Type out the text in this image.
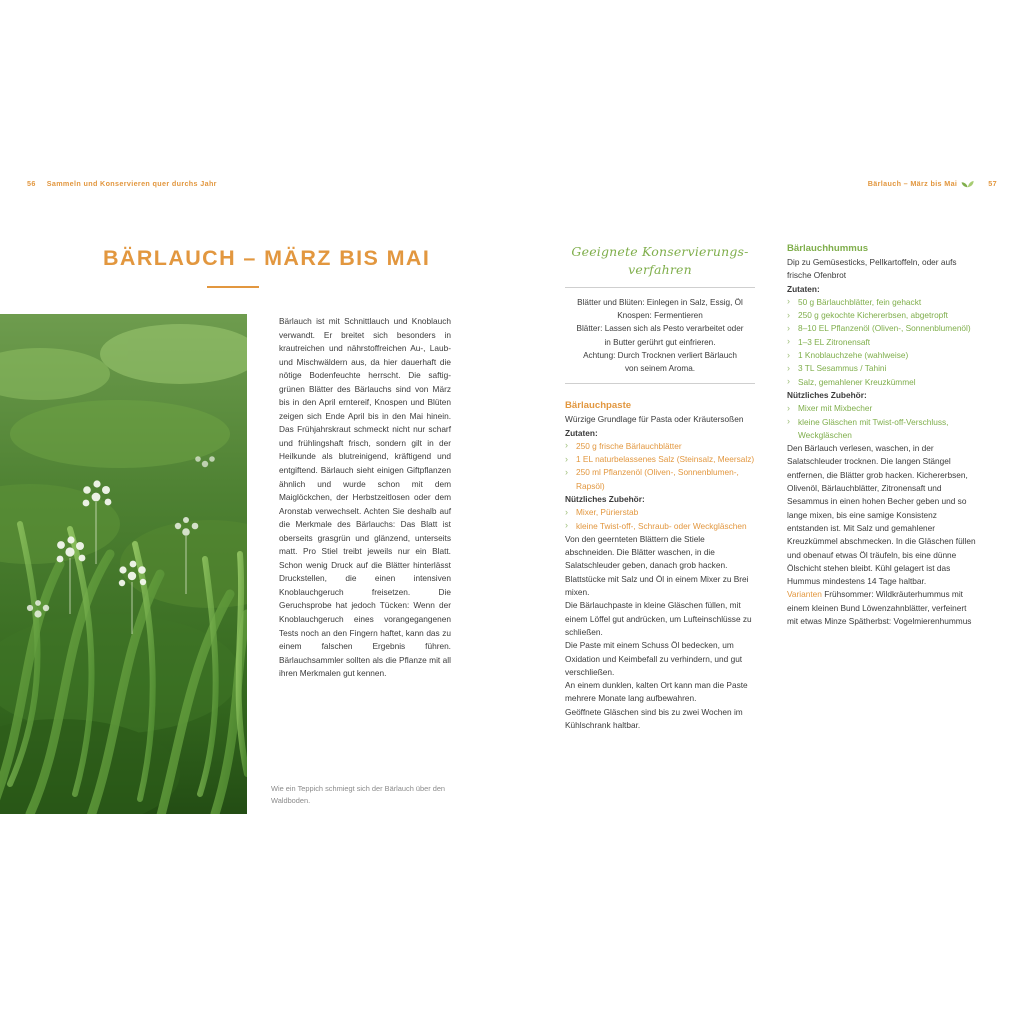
56 Sammeln und Konservieren quer durchs Jahr	Bärlauch – März bis Mai	57
BÄRLAUCH – MÄRZ BIS MAI

Bärlauch ist mit Schnittlauch und Knoblauch verwandt. Er breitet sich besonders in krautreichen und nährstoffreichen Au-, Laub- und Mischwäldern aus, da hier dauerhaft die nötige Bodenfeuchte herrscht. Die saftig-grünen Blätter des Bärlauchs sind von März bis in den April erntereif, Knospen und Blüten zeigen sich Ende April bis in den Mai hinein. Das Frühjahrskraut schmeckt nicht nur scharf und frühlingshaft frisch, sondern gilt in der Heilkunde als blutreinigend, kräftigend und entgiftend. Bärlauch sieht einigen Giftpflanzen ähnlich und wurde schon mit dem Maiglöckchen, der Herbstzeitlosen oder dem Aronstab verwechselt. Achten Sie deshalb auf die Merkmale des Bärlauchs: Das Blatt ist oberseits grasgrün und glänzend, unterseits matt. Pro Stiel treibt jeweils nur ein Blatt. Schon wenig Druck auf die Blätter hinterlässt Druckstellen, die einen intensiven Knoblauchgeruch freisetzen. Die Geruchsprobe hat jedoch Tücken: Wenn der Knoblauchgeruch eines vorangegangenen Tests noch an den Fingern haftet, kann das zu einem falschen Ergebnis führen. Bärlauchsammler sollten als die Pflanze mit all ihren Merkmalen gut kennen.

Wie ein Teppich schmiegt sich der Bärlauch über den Waldboden.
Geeignete Konservierungs-verfahren
Blätter und Blüten: Einlegen in Salz, Essig, Öl
Knospen: Fermentieren
Blätter: Lassen sich als Pesto verarbeitet oder
in Butter gerührt gut einfrieren.
Achtung: Durch Trocknen verliert Bärlauch
von seinem Aroma.
Bärlauchpaste

Würzige Grundlage für Pasta oder Kräutersoßen

Zutaten:

› 250 g frische Bärlauchblätter
› 1 EL naturbelassenes Salz (Steinsalz, Meersalz)
› 250 ml Pflanzenöl (Oliven-, Sonnenblumen-, Rapsöl)

Nützliches Zubehör:

› Mixer, Pürierstab
› kleine Twist-off-, Schraub- oder Weckgläschen

Von den geernteten Blättern die Stiele abschneiden. Die Blätter waschen, in die Salatschleuder geben, danach grob hacken. Blattstücke mit Salz und Öl in einem Mixer zu Brei mixen.

Die Bärlauchpaste in kleine Gläschen füllen, mit einem Löffel gut andrücken, um Lufteinschlüsse zu schließen.

Die Paste mit einem Schuss Öl bedecken, um Oxidation und Keimbefall zu verhindern, und gut verschließen.

An einem dunklen, kalten Ort kann man die Paste mehrere Monate lang aufbewahren.

Geöffnete Gläschen sind bis zu zwei Wochen im Kühlschrank haltbar.

Bärlauchhummus

Dip zu Gemüsesticks, Pellkartoffeln, oder aufs frische Ofenbrot

Zutaten:

› 50 g Bärlauchblätter, fein gehackt
› 250 g gekochte Kichererbsen, abgetropft
› 8–10 EL Pflanzenöl (Oliven-, Sonnenblumenöl)
› 1–3 EL Zitronensaft
› 1 Knoblauchzehe (wahlweise)
› 3 TL Sesammus / Tahini
› Salz, gemahlener Kreuzkümmel

Nützliches Zubehör:

› Mixer mit Mixbecher
› kleine Gläschen mit Twist-off-Verschluss, Weckgläschen

Den Bärlauch verlesen, waschen, in der Salatschleuder trocknen. Die langen Stängel entfernen, die Blätter grob hacken. Kichererbsen, Olivenöl, Bärlauchblätter, Zitronensaft und Sesammus in einen hohen Becher geben und so lange mixen, bis eine samige Konsistenz entstanden ist. Mit Salz und gemahlener Kreuzkümmel abschmecken. In die Gläschen füllen und obenauf etwas Öl träufeln, bis eine dünne Ölschicht stehen bleibt. Kühl gelagert ist das Hummus mindestens 14 Tage haltbar.

Varianten Frühsommer: Wildkräuterhummus mit einem kleinen Bund Löwenzahnblätter, verfeinert mit etwas Minze Spätherbst: Vogelmierenhummus
